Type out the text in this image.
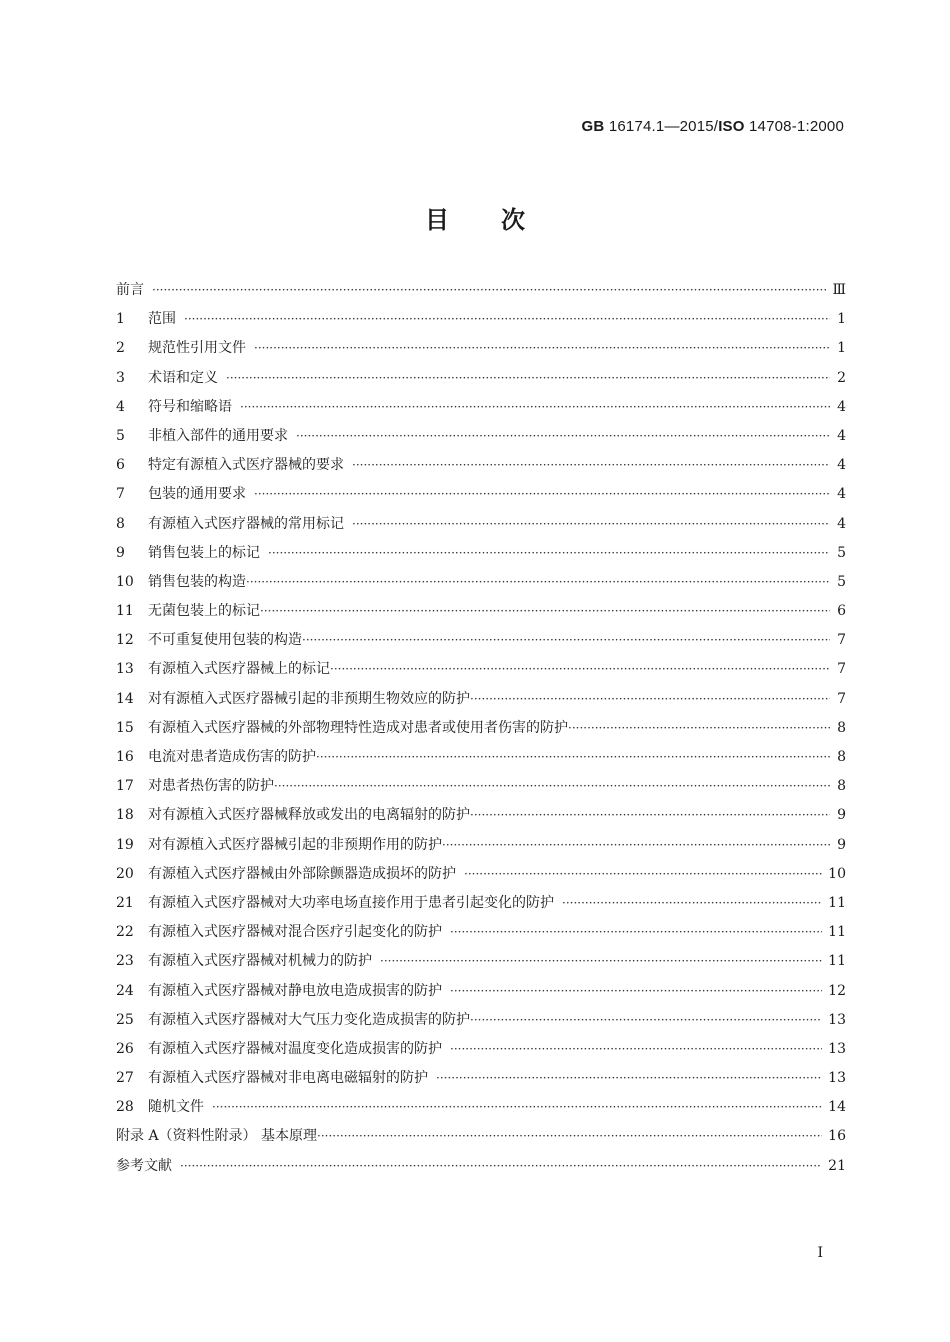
GB 16174.1—2015/ISO 14708-1:2000
目 次
前言 ·····	Ⅲ
1	范围 ·····	1
2	规范性引用文件 ·····	1
3	术语和定义 ·····	2
4	符号和缩略语 ·····	4
5	非植入部件的通用要求 ·····	4
6	特定有源植入式医疗器械的要求 ·····	4
7	包装的通用要求 ·····	4
8	有源植入式医疗器械的常用标记 ·····	4
9	销售包装上的标记 ·····	5
10	销售包装的构造 ·····	5
11	无菌包装上的标记 ·····	6
12	不可重复使用包装的构造 ·····	7
13	有源植入式医疗器械上的标记 ·····	7
14	对有源植入式医疗器械引起的非预期生物效应的防护 ·····	7
15	有源植入式医疗器械的外部物理特性造成对患者或使用者伤害的防护 ·····	8
16	电流对患者造成伤害的防护 ·····	8
17	对患者热伤害的防护 ·····	8
18	对有源植入式医疗器械释放或发出的电离辐射的防护 ·····	9
19	对有源植入式医疗器械引起的非预期作用的防护 ·····	9
20	有源植入式医疗器械由外部除颤器造成损坏的防护 ·····	10
21	有源植入式医疗器械对大功率电场直接作用于患者引起变化的防护 ·····	11
22	有源植入式医疗器械对混合医疗引起变化的防护 ·····	11
23	有源植入式医疗器械对机械力的防护 ·····	11
24	有源植入式医疗器械对静电放电造成损害的防护 ·····	12
25	有源植入式医疗器械对大气压力变化造成损害的防护 ·····	13
26	有源植入式医疗器械对温度变化造成损害的防护 ·····	13
27	有源植入式医疗器械对非电离电磁辐射的防护 ·····	13
28	随机文件 ·····	14
附录 A（资料性附录） 基本原理 ·····	16
参考文献 ·····	21
I
